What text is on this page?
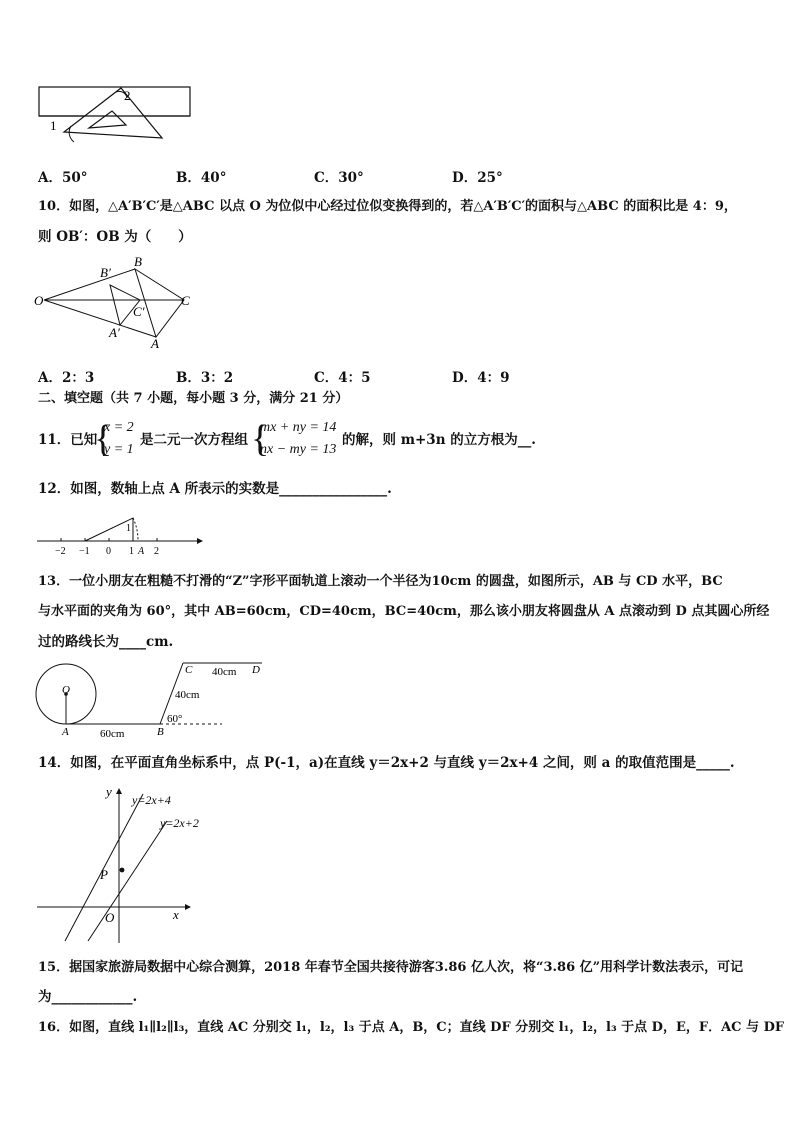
1
2
A．50°	B．40°	C．30°	D．25°
10．如图，△A′B′C′是△ABC 以点 O 为位似中心经过位似变换得到的，若△A′B′C′的面积与△ABC 的面积比是 4：9，
则 OB′：OB 为（　　）
O
B′
B
C
C′
A′
A
A．2：3	B．3：2	C．4：5	D．4：9
二、填空题（共 7 小题，每小题 3 分，满分 21 分）
11．已知
{
x = 2
y = 1
是二元一次方程组 {
mx + ny = 14
nx − my = 13
的解，则 m+3n 的立方根为__.
12．如图，数轴上点 A 所表示的实数是________________.
1
−2 −1 0 1 A 2
13．一位小朋友在粗糙不打滑的“Z”字形平面轨道上滚动一个半径为10cm 的圆盘，如图所示，AB 与 CD 水平，BC
与水平面的夹角为 60°，其中 AB=60cm，CD=40cm，BC=40cm，那么该小朋友将圆盘从 A 点滚动到 D 点其圆心所经
过的路线长为____cm.
O
A	B
C	D
60cm
40cm
40cm
60°
14．如图，在平面直角坐标系中，点 P(-1，a)在直线 y＝2x+2 与直线 y＝2x+4 之间，则 a 的取值范围是_____.
y
x
O
P
y=2x+4
y=2x+2
15．据国家旅游局数据中心综合测算，2018 年春节全国共接待游客3.86 亿人次，将“3.86 亿”用科学计数法表示，可记
为____________.
16．如图，直线 l₁∥l₂∥l₃，直线 AC 分别交 l₁，l₂，l₃ 于点 A，B，C；直线 DF 分别交 l₁，l₂，l₃ 于点 D，E，F．AC 与 DF
